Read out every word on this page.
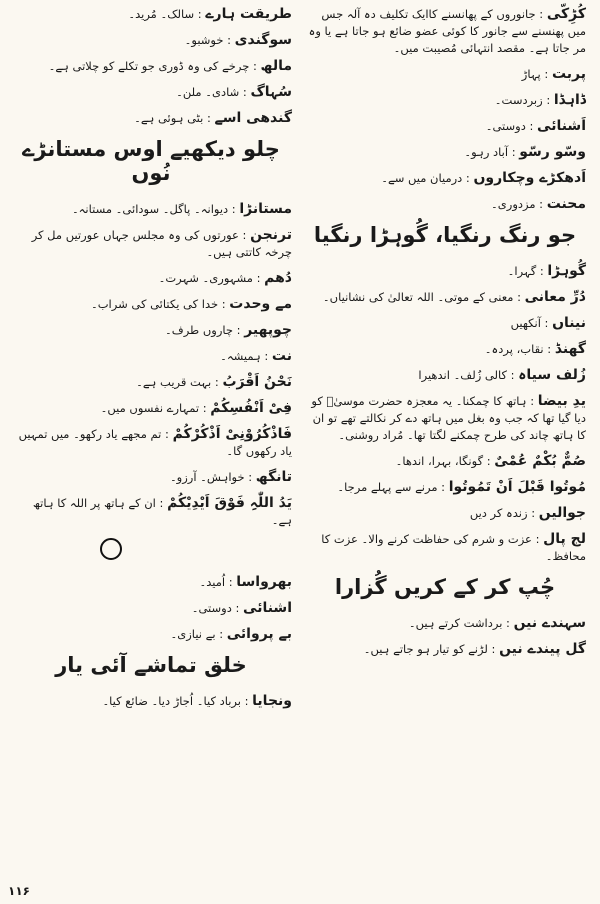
کُڑِکّی : جانوروں کے پھانسنے کاایک تکلیف دہ آلہ جس میں پھنسنے سے جانور کا کوئی عضو ضائع ہو جاتا ہے یا وہ مر جاتا ہے۔ مقصد انتہائی مُصیبت میں۔
پربت : پہاڑ
ڈاہڈا : زبردست۔
اَشنائی : دوستی۔
وسّو رسّو : آباد رہو۔
اَدھکڑے وچکاروں : درمیان میں سے۔
محنت : مزدوری۔
جو رنگ رنگیا، گُوہڑا رنگیا
گُوہڑا : گہرا۔
دُرِّ معانی : معنی کے موتی۔ اللہ تعالیٰ کی نشانیاں۔
نیناں : آنکھیں
گھنڈ : نقاب، پردہ۔
زُلف سیاہ : کالی زُلف۔ اندھیرا
یدِ بیضا : ہاتھ کا چمکنا۔ یہ معجزہ حضرت موسیٰؑ کو دیا گیا تھا کہ جب وہ بغل میں ہاتھ دے کر نکالتے تھے تو ان کا ہاتھ چاند کی طرح چمکنے لگتا تھا۔ مُراد روشنی۔
صُمٌّ بُکْمٌ عُمْیٌ : گونگا، بہرا، اندھا۔
مُوتُوا قَبْلَ اَنْ تَمُوتُوا : مرنے سے پہلے مرجا۔
جوالیں : زندہ کر دیں
لج پال : عزت و شرم کی حفاظت کرنے والا۔ عزت کا محافظ۔
چُپ کر کے کریں گُزارا
سہندے نیں : برداشت کرتے ہیں۔
گل پیندے نیں : لڑنے کو تیار ہو جاتے ہیں۔
طریقت ہارے : سالک۔ مُرید۔
سوگندی : خوشبو۔
مالھ : چرخے کی وہ ڈوری جو تکلے کو چلاتی ہے۔
سُہاگ : شادی۔ ملن۔
گندھی اسے : بٹی ہوئی ہے۔
چلو دیکھیے اوس مستانڑے نُوں
مستانڑا : دیوانہ۔ پاگل۔ سودائی۔ مستانہ۔
ترنجن : عورتوں کی وہ مجلس جہاں عورتیں مل کر چرخہ کاتتی ہیں۔
دُھم : مشہوری۔ شہرت۔
مے وحدت : خدا کی یکتائی کی شراب۔
چوپھیر : چاروں طرف۔
نت : ہمیشہ۔
نَحْنُ اَقْرَبُ : بہت قریب ہے۔
فِیْ اَنْفُسِکُمْ : تمہارے نفسوں میں۔
فَاذْکُرُوْنِیْ اَذْکُرْکُمْ : تم مجھے یاد رکھو۔ میں تمہیں یاد رکھوں گا۔
تانگھ : خواہش۔ آرزو۔
یَدُ اللّٰہِ فَوْقَ اَیْدِیْکُمْ : ان کے ہاتھ پر اللہ کا ہاتھ ہے۔
بھرواسا : اُمید۔
اشنائی : دوستی۔
بے پروائی : بے نیازی۔
خلق تماشے آئی یار
ونجایا : برباد کیا۔ اُجاڑ دیا۔ ضائع کیا۔
۱۱۶
